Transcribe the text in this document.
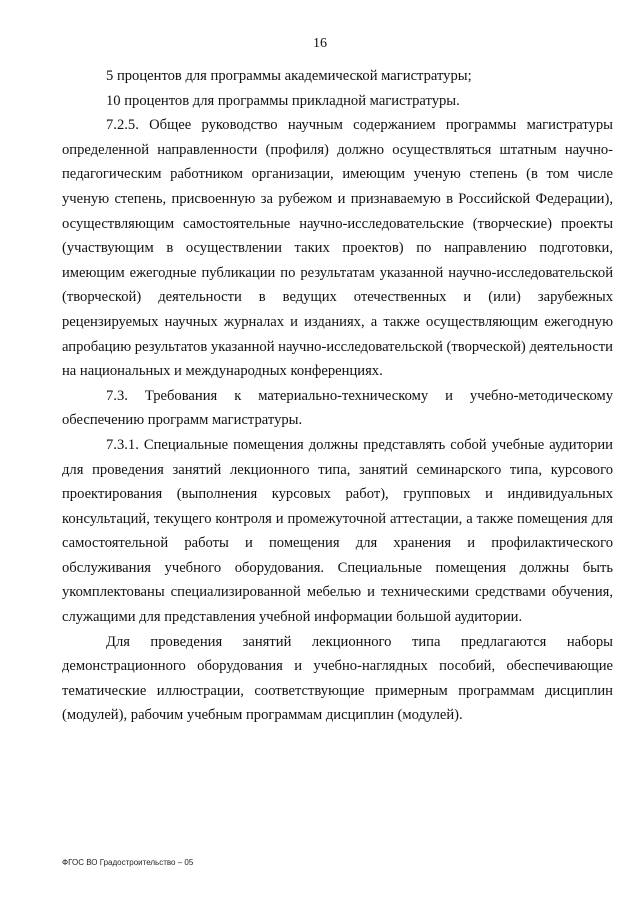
16

5 процентов для программы академической магистратуры;

10 процентов для программы прикладной магистратуры.

7.2.5. Общее руководство научным содержанием программы магистратуры определенной направленности (профиля) должно осуществляться штатным научно-педагогическим работником организации, имеющим ученую степень (в том числе ученую степень, присвоенную за рубежом и признаваемую в Российской Федерации), осуществляющим самостоятельные научно-исследовательские (творческие) проекты (участвующим в осуществлении таких проектов) по направлению подготовки, имеющим ежегодные публикации по результатам указанной научно-исследовательской (творческой) деятельности в ведущих отечественных и (или) зарубежных рецензируемых научных журналах и изданиях, а также осуществляющим ежегодную апробацию результатов указанной научно-исследовательской (творческой) деятельности на национальных и международных конференциях.

7.3. Требования к материально-техническому и учебно-методическому обеспечению программ магистратуры.

7.3.1. Специальные помещения должны представлять собой учебные аудитории для проведения занятий лекционного типа, занятий семинарского типа, курсового проектирования (выполнения курсовых работ), групповых и индивидуальных консультаций, текущего контроля и промежуточной аттестации, а также помещения для самостоятельной работы и помещения для хранения и профилактического обслуживания учебного оборудования. Специальные помещения должны быть укомплектованы специализированной мебелью и техническими средствами обучения, служащими для представления учебной информации большой аудитории.

Для проведения занятий лекционного типа предлагаются наборы демонстрационного оборудования и учебно-наглядных пособий, обеспечивающие тематические иллюстрации, соответствующие примерным программам дисциплин (модулей), рабочим учебным программам дисциплин (модулей).

ФГОС ВО Градостроительство – 05
